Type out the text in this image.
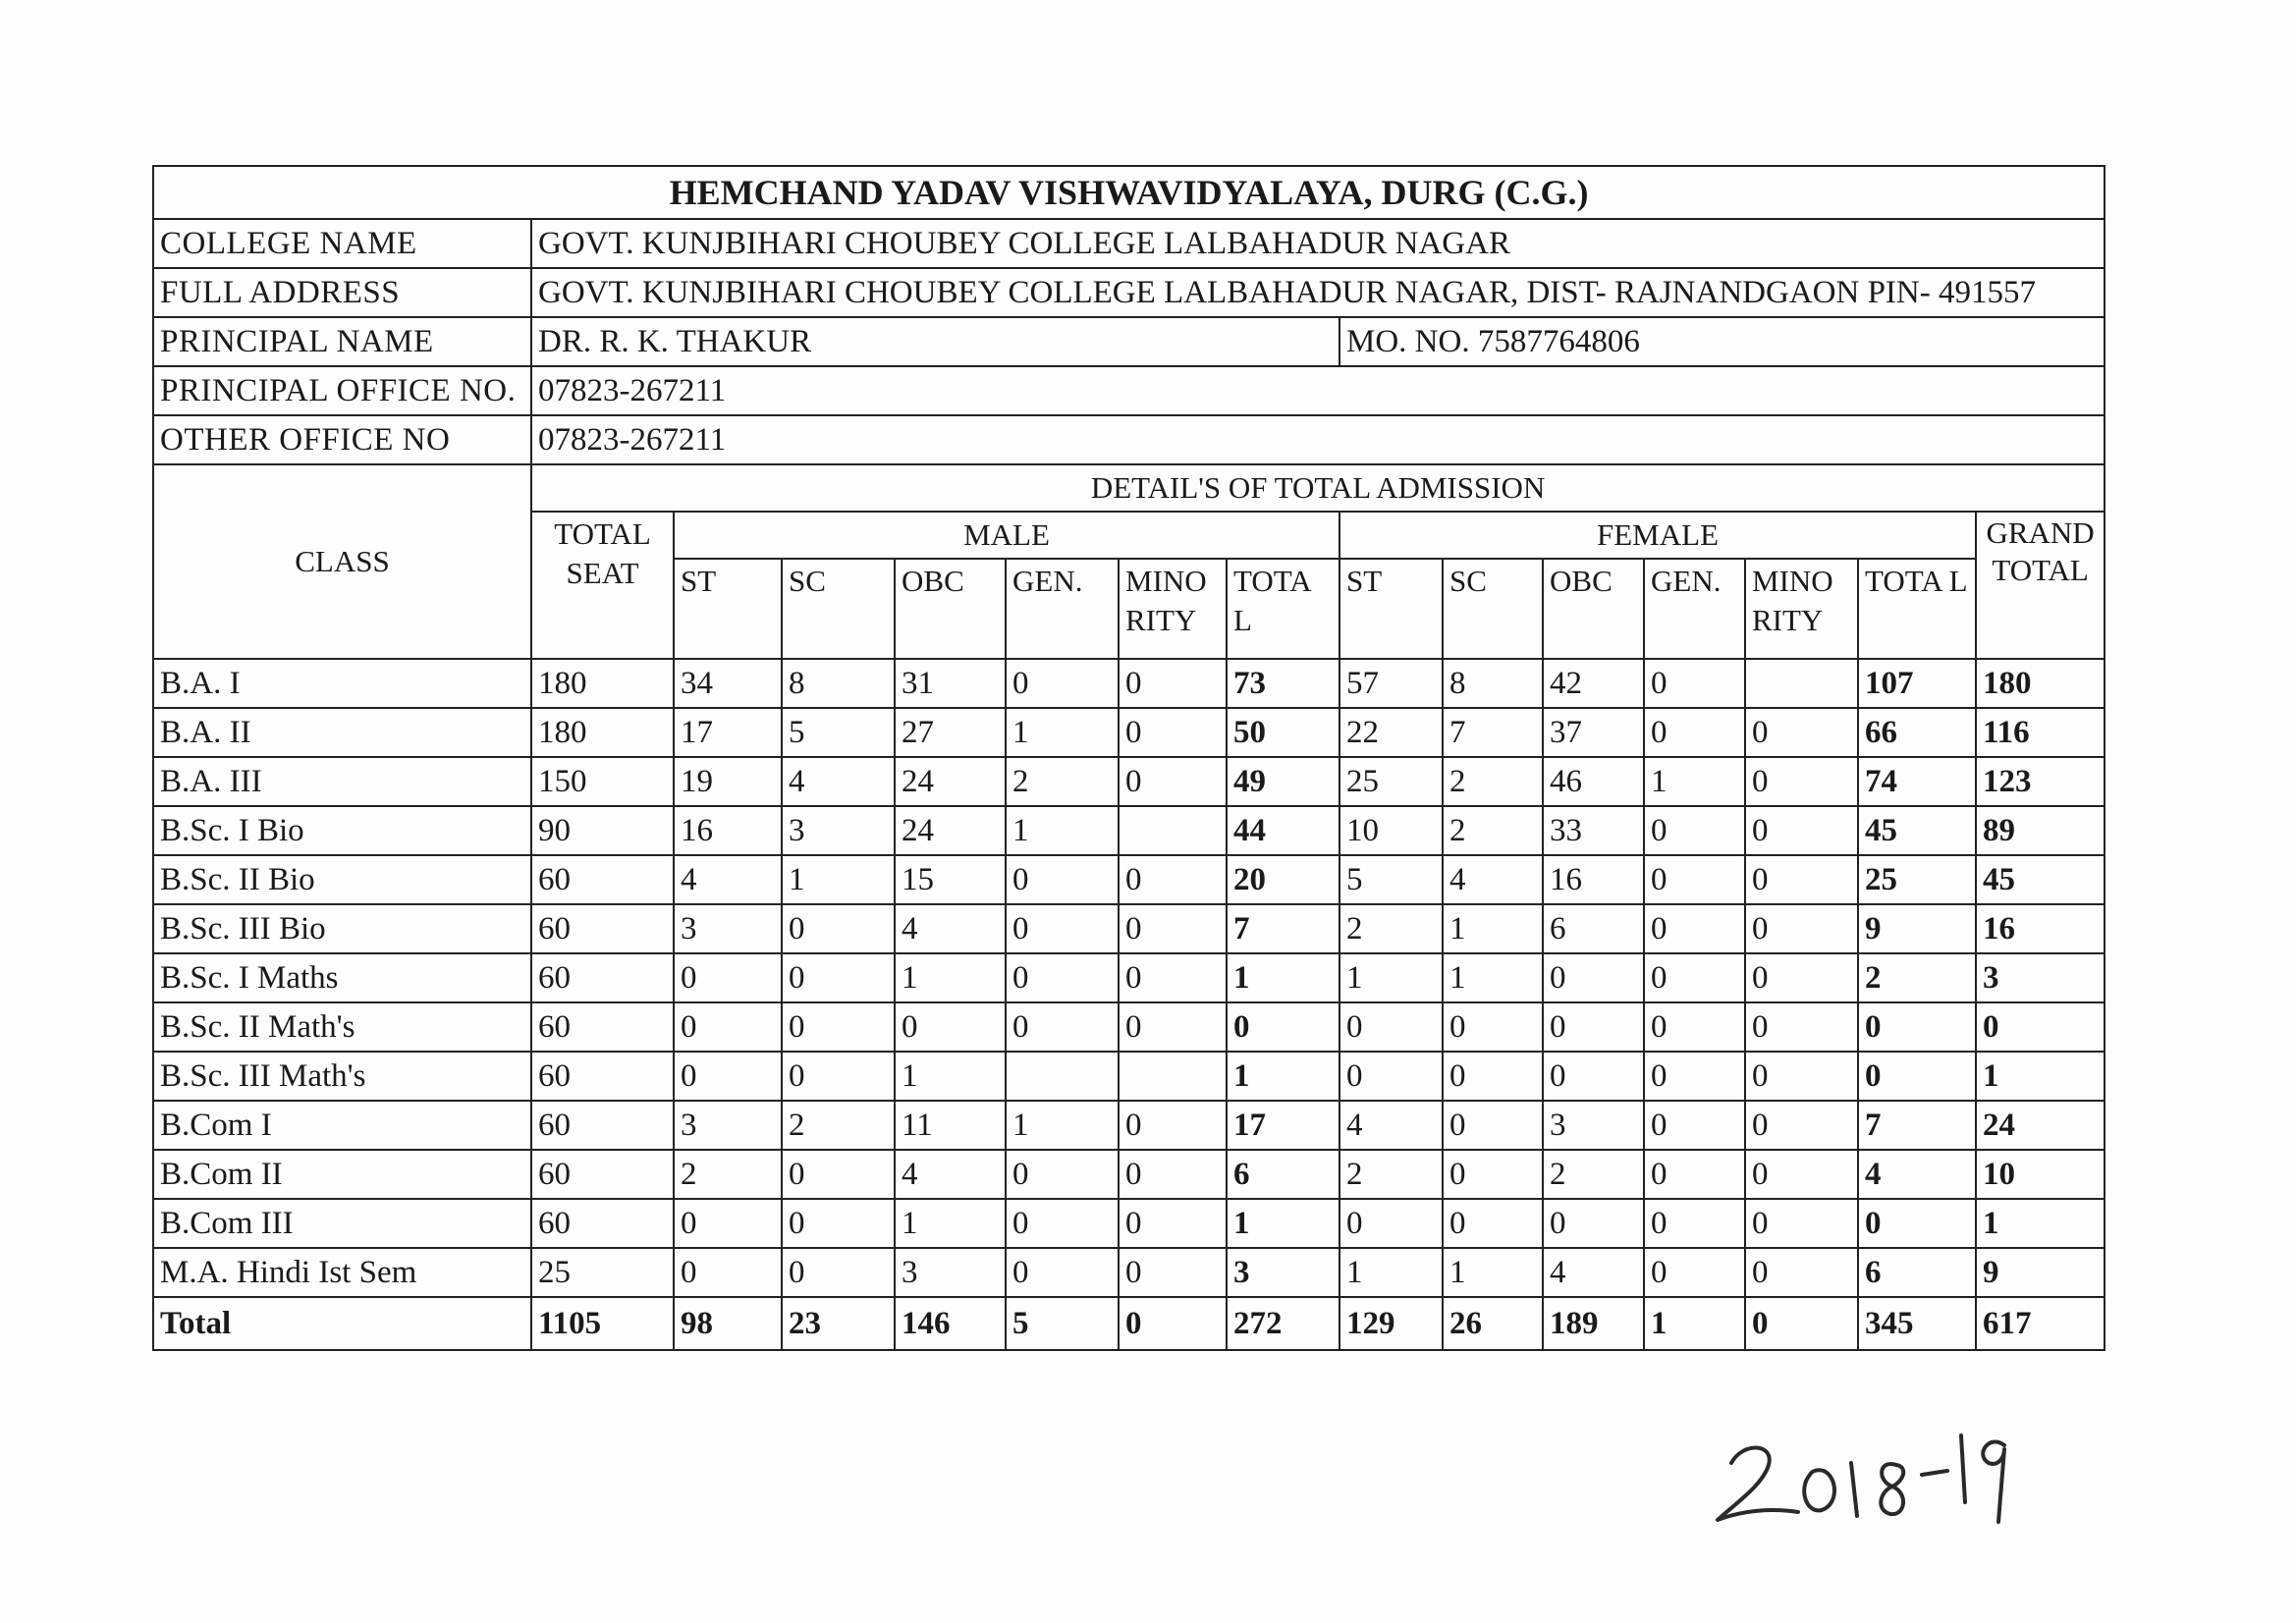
HEMCHAND YADAV VISHWAVIDYALAYA, DURG (C.G.)														
COLLEGE NAME	GOVT. KUNJBIHARI CHOUBEY COLLEGE LALBAHADUR NAGAR													
FULL ADDRESS	GOVT. KUNJBIHARI CHOUBEY COLLEGE LALBAHADUR NAGAR, DIST- RAJNANDGAON PIN- 491557													
PRINCIPAL NAME	DR. R. K. THAKUR							MO. NO. 7587764806						
PRINCIPAL OFFICE NO.	07823-267211													
OTHER OFFICE NO	07823-267211													
CLASS	DETAIL'S OF TOTAL ADMISSION													
	TOTAL SEAT	MALE						FEMALE						GRAND TOTAL
		ST	SC	OBC	GEN.	MINO RITY	TOTA L	ST	SC	OBC	GEN.	MINO RITY	TOTA L	
B.A. I	180	34	8	31	0	0	73	57	8	42	0		107	180
B.A. II	180	17	5	27	1	0	50	22	7	37	0	0	66	116
B.A. III	150	19	4	24	2	0	49	25	2	46	1	0	74	123
B.Sc. I Bio	90	16	3	24	1		44	10	2	33	0	0	45	89
B.Sc. II Bio	60	4	1	15	0	0	20	5	4	16	0	0	25	45
B.Sc. III Bio	60	3	0	4	0	0	7	2	1	6	0	0	9	16
B.Sc. I Maths	60	0	0	1	0	0	1	1	1	0	0	0	2	3
B.Sc. II Math's	60	0	0	0	0	0	0	0	0	0	0	0	0	0
B.Sc. III Math's	60	0	0	1			1	0	0	0	0	0	0	1
B.Com I	60	3	2	11	1	0	17	4	0	3	0	0	7	24
B.Com II	60	2	0	4	0	0	6	2	0	2	0	0	4	10
B.Com III	60	0	0	1	0	0	1	0	0	0	0	0	0	1
M.A. Hindi Ist Sem	25	0	0	3	0	0	3	1	1	4	0	0	6	9
Total	1105	98	23	146	5	0	272	129	26	189	1	0	345	617
